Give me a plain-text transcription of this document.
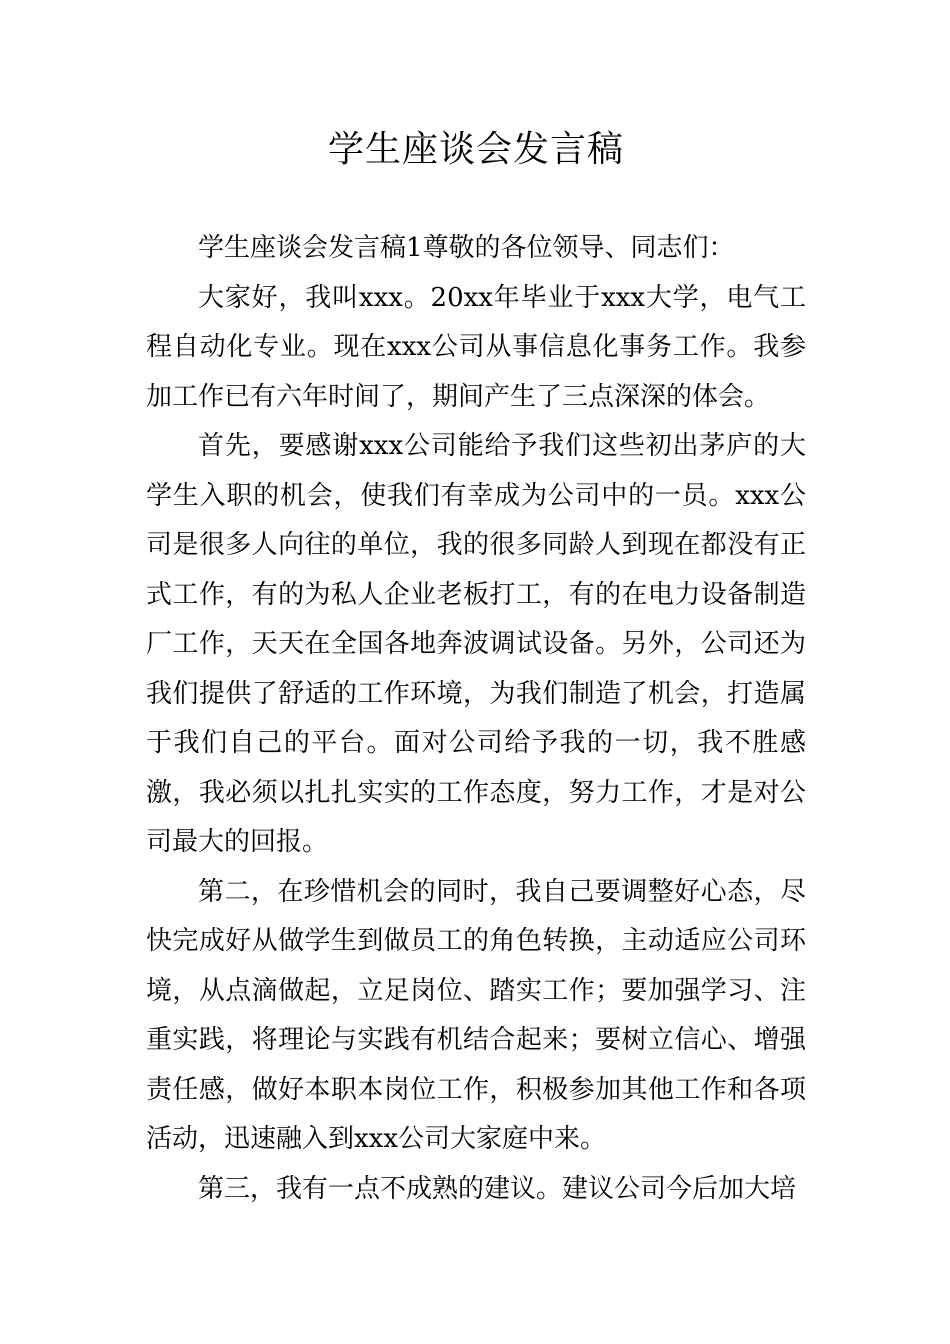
学生座谈会发言稿

学生座谈会发言稿1尊敬的各位领导、同志们：

大家好，我叫xxx。20xx年毕业于xxx大学，电气工程自动化专业。现在xxx公司从事信息化事务工作。我参加工作已有六年时间了，期间产生了三点深深的体会。

首先，要感谢xxx公司能给予我们这些初出茅庐的大学生入职的机会，使我们有幸成为公司中的一员。xxx公司是很多人向往的单位，我的很多同龄人到现在都没有正式工作，有的为私人企业老板打工，有的在电力设备制造厂工作，天天在全国各地奔波调试设备。另外，公司还为我们提供了舒适的工作环境，为我们制造了机会，打造属于我们自己的平台。面对公司给予我的一切，我不胜感激，我必须以扎扎实实的工作态度，努力工作，才是对公司最大的回报。

第二，在珍惜机会的同时，我自己要调整好心态，尽快完成好从做学生到做员工的角色转换，主动适应公司环境，从点滴做起，立足岗位、踏实工作；要加强学习、注重实践，将理论与实践有机结合起来；要树立信心、增强责任感，做好本职本岗位工作，积极参加其他工作和各项活动，迅速融入到xxx公司大家庭中来。

第三，我有一点不成熟的建议。建议公司今后加大培
